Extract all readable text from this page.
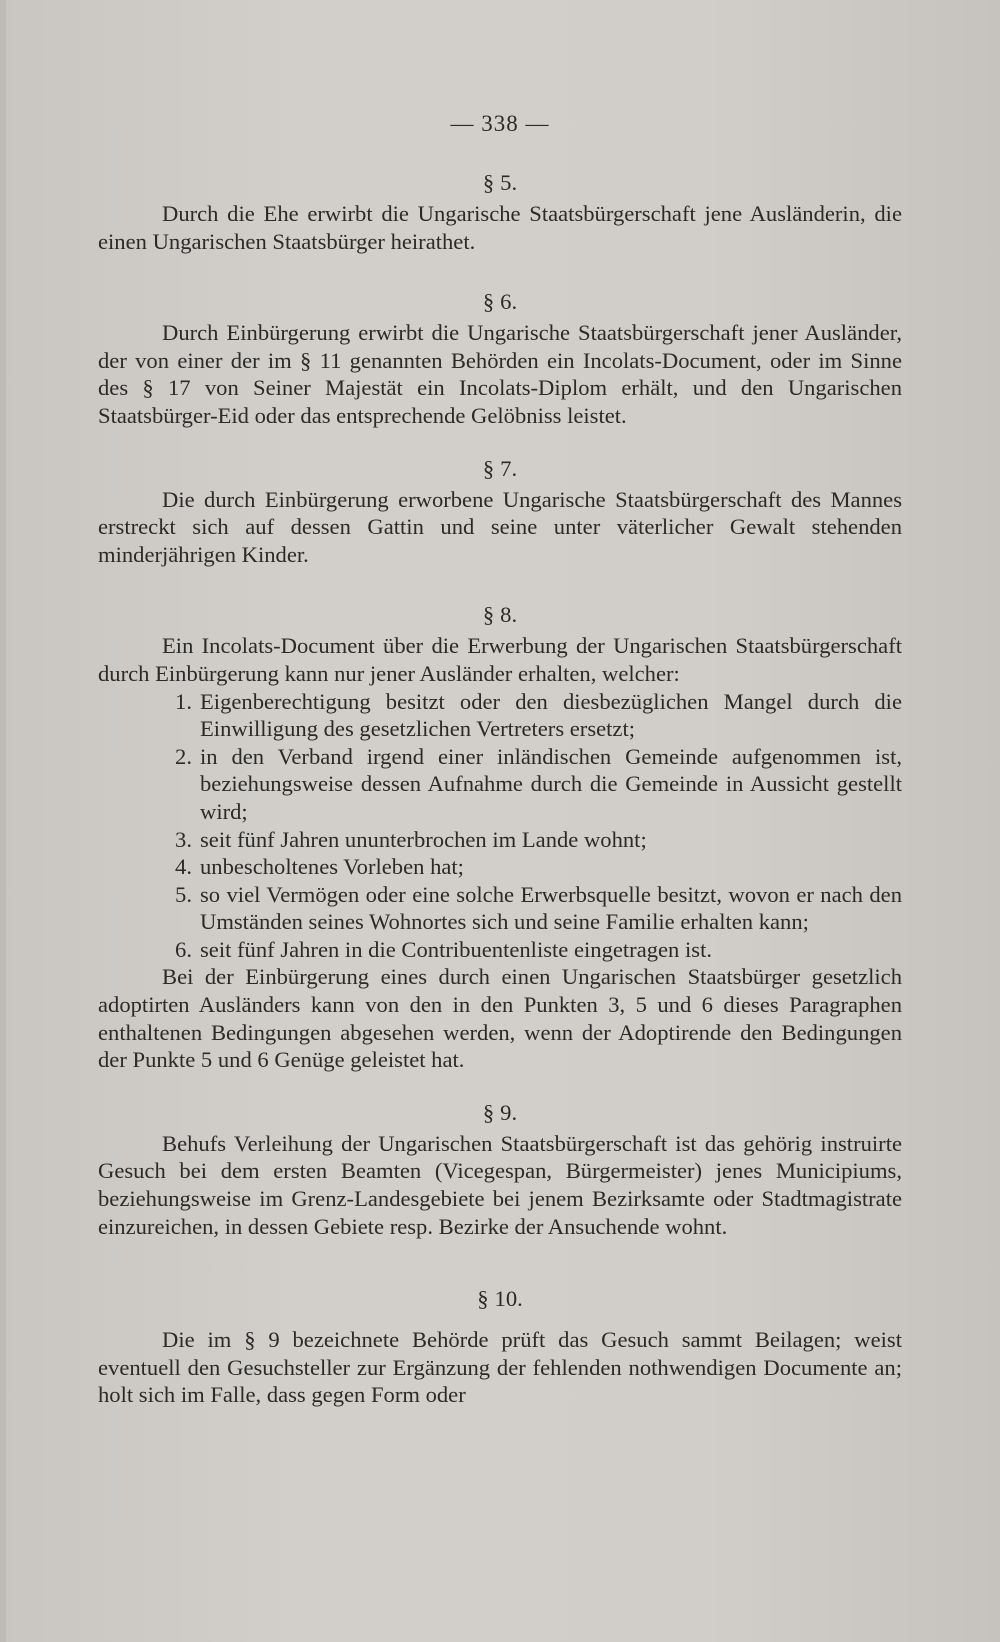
— 338 —
§ 5.

Durch die Ehe erwirbt die Ungarische Staatsbürgerschaft jene Ausländerin, die einen Ungarischen Staatsbürger heirathet.

§ 6.

Durch Einbürgerung erwirbt die Ungarische Staatsbürgerschaft jener Ausländer, der von einer der im § 11 genannten Behörden ein Incolats-Document, oder im Sinne des § 17 von Seiner Majestät ein Incolats-Diplom erhält, und den Ungarischen Staatsbürger-Eid oder das entsprechende Gelöbniss leistet.

§ 7.

Die durch Einbürgerung erworbene Ungarische Staatsbürgerschaft des Mannes erstreckt sich auf dessen Gattin und seine unter väterlicher Gewalt stehenden minderjährigen Kinder.

§ 8.

Ein Incolats-Document über die Erwerbung der Ungarischen Staatsbürgerschaft durch Einbürgerung kann nur jener Ausländer erhalten, welcher:

1. Eigenberechtigung besitzt oder den diesbezüglichen Mangel durch die Einwilligung des gesetzlichen Vertreters ersetzt;
2. in den Verband irgend einer inländischen Gemeinde aufgenommen ist, beziehungsweise dessen Aufnahme durch die Gemeinde in Aussicht gestellt wird;
3. seit fünf Jahren ununterbrochen im Lande wohnt;
4. unbescholtenes Vorleben hat;
5. so viel Vermögen oder eine solche Erwerbsquelle besitzt, wovon er nach den Umständen seines Wohnortes sich und seine Familie erhalten kann;
6. seit fünf Jahren in die Contribuentenliste eingetragen ist.

Bei der Einbürgerung eines durch einen Ungarischen Staatsbürger gesetzlich adoptirten Ausländers kann von den in den Punkten 3, 5 und 6 dieses Paragraphen enthaltenen Bedingungen abgesehen werden, wenn der Adoptirende den Bedingungen der Punkte 5 und 6 Genüge geleistet hat.

§ 9.

Behufs Verleihung der Ungarischen Staatsbürgerschaft ist das gehörig instruirte Gesuch bei dem ersten Beamten (Vicegespan, Bürgermeister) jenes Municipiums, beziehungsweise im Grenz-Landesgebiete bei jenem Bezirksamte oder Stadtmagistrate einzureichen, in dessen Gebiete resp. Bezirke der Ansuchende wohnt.

§ 10.

Die im § 9 bezeichnete Behörde prüft das Gesuch sammt Beilagen; weist eventuell den Gesuchsteller zur Ergänzung der fehlenden nothwendigen Documente an; holt sich im Falle, dass gegen Form oder
